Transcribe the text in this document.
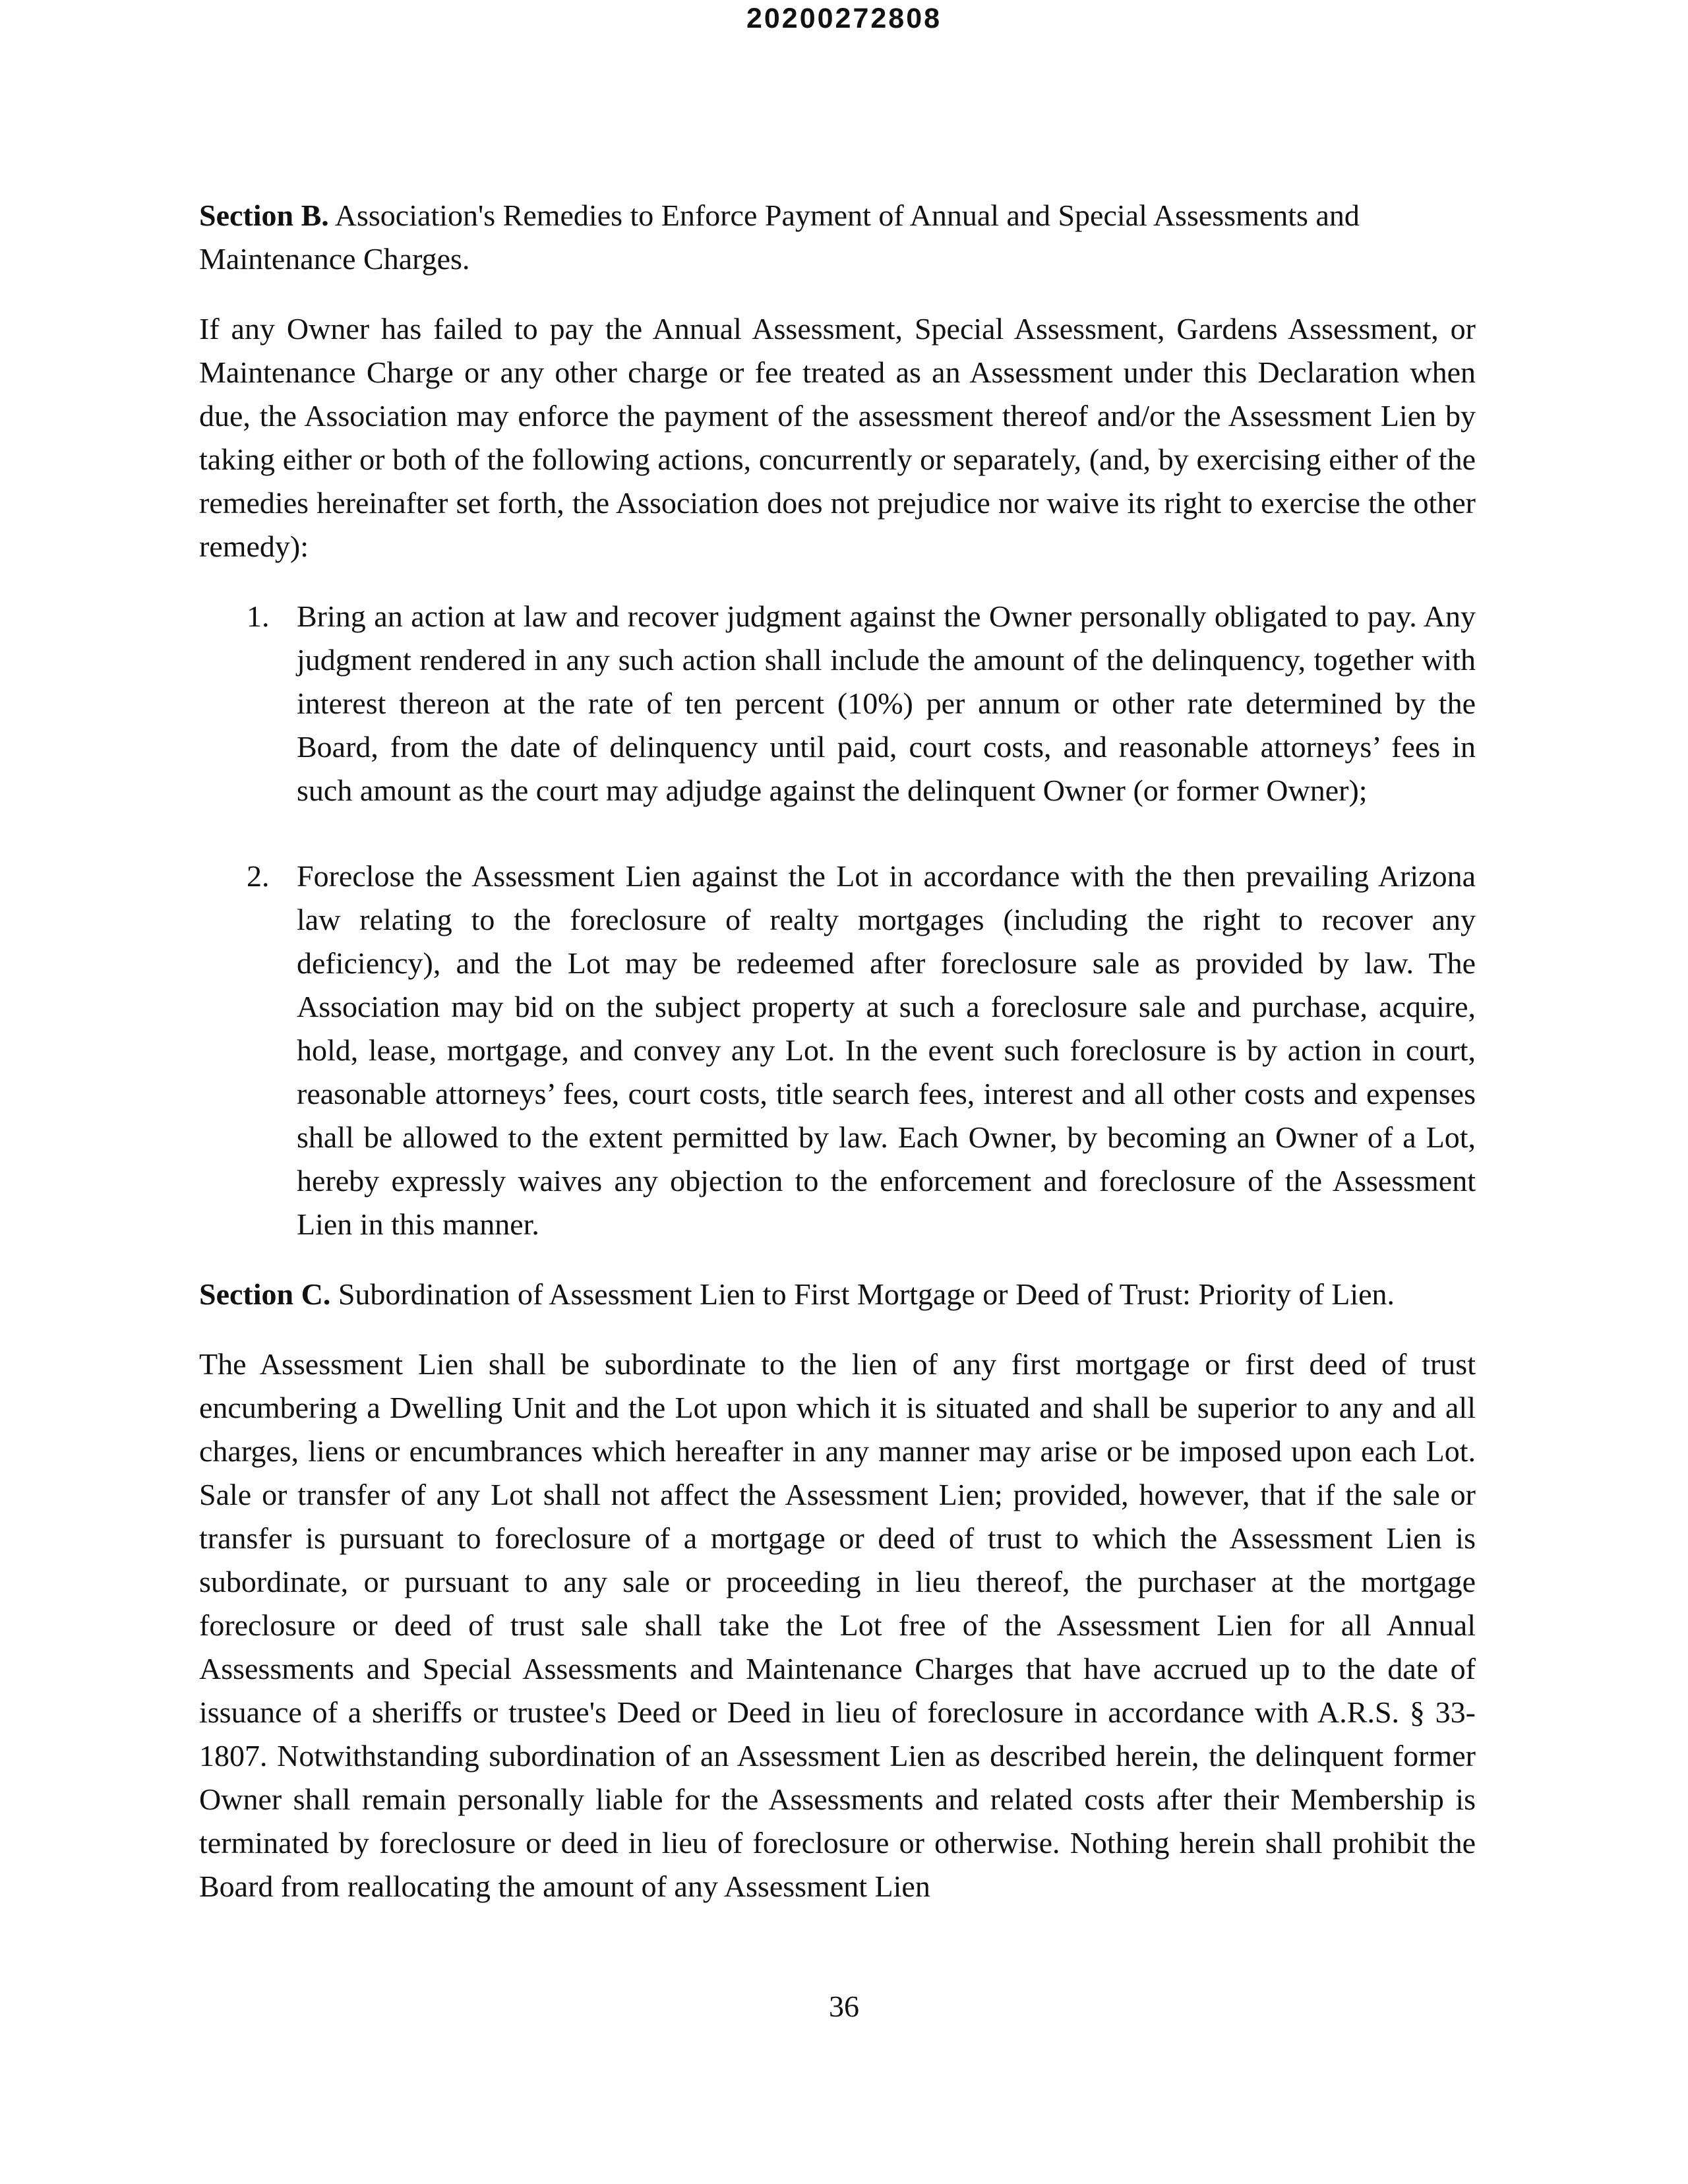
20200272808

Section B. Association's Remedies to Enforce Payment of Annual and Special Assessments and Maintenance Charges.

If any Owner has failed to pay the Annual Assessment, Special Assessment, Gardens Assessment, or Maintenance Charge or any other charge or fee treated as an Assessment under this Declaration when due, the Association may enforce the payment of the assessment thereof and/or the Assessment Lien by taking either or both of the following actions, concurrently or separately, (and, by exercising either of the remedies hereinafter set forth, the Association does not prejudice nor waive its right to exercise the other remedy):

1. Bring an action at law and recover judgment against the Owner personally obligated to pay. Any judgment rendered in any such action shall include the amount of the delinquency, together with interest thereon at the rate of ten percent (10%) per annum or other rate determined by the Board, from the date of delinquency until paid, court costs, and reasonable attorneys’ fees in such amount as the court may adjudge against the delinquent Owner (or former Owner);
2. Foreclose the Assessment Lien against the Lot in accordance with the then prevailing Arizona law relating to the foreclosure of realty mortgages (including the right to recover any deficiency), and the Lot may be redeemed after foreclosure sale as provided by law. The Association may bid on the subject property at such a foreclosure sale and purchase, acquire, hold, lease, mortgage, and convey any Lot. In the event such foreclosure is by action in court, reasonable attorneys’ fees, court costs, title search fees, interest and all other costs and expenses shall be allowed to the extent permitted by law. Each Owner, by becoming an Owner of a Lot, hereby expressly waives any objection to the enforcement and foreclosure of the Assessment Lien in this manner.

Section C. Subordination of Assessment Lien to First Mortgage or Deed of Trust: Priority of Lien.

The Assessment Lien shall be subordinate to the lien of any first mortgage or first deed of trust encumbering a Dwelling Unit and the Lot upon which it is situated and shall be superior to any and all charges, liens or encumbrances which hereafter in any manner may arise or be imposed upon each Lot. Sale or transfer of any Lot shall not affect the Assessment Lien; provided, however, that if the sale or transfer is pursuant to foreclosure of a mortgage or deed of trust to which the Assessment Lien is subordinate, or pursuant to any sale or proceeding in lieu thereof, the purchaser at the mortgage foreclosure or deed of trust sale shall take the Lot free of the Assessment Lien for all Annual Assessments and Special Assessments and Maintenance Charges that have accrued up to the date of issuance of a sheriffs or trustee's Deed or Deed in lieu of foreclosure in accordance with A.R.S. § 33-1807. Notwithstanding subordination of an Assessment Lien as described herein, the delinquent former Owner shall remain personally liable for the Assessments and related costs after their Membership is terminated by foreclosure or deed in lieu of foreclosure or otherwise. Nothing herein shall prohibit the Board from reallocating the amount of any Assessment Lien

36
